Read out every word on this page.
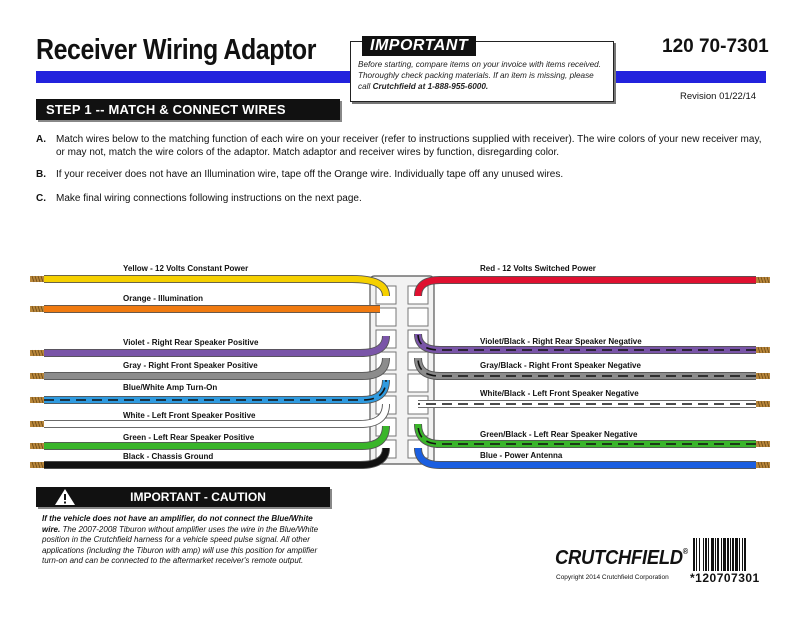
Receiver Wiring Adaptor	120 70-7301
IMPORTANT
Before starting, compare items on your invoice with items received. Thoroughly check packing materials. If an item is missing, please call Crutchfield at 1-888-955-6000.
Revision 01/22/14
STEP 1 -- MATCH & CONNECT WIRES
A. Match wires below to the matching function of each wire on your receiver (refer to instructions supplied with receiver). The wire colors of your new receiver may, or may not, match the wire colors of the adaptor. Match adaptor and receiver wires by function, disregarding color.
B. If your receiver does not have an Illumination wire, tape off the Orange wire. Individually tape off any unused wires.
C. Make final wiring connections following instructions on the next page.
Yellow - 12 Volts Constant Power
Orange - Illumination
Violet - Right Rear Speaker Positive
Gray - Right Front Speaker Positive
Blue/White Amp Turn-On
White - Left Front Speaker Positive
Green - Left Rear Speaker Positive
Black - Chassis Ground
Red - 12 Volts Switched Power
Violet/Black - Right Rear Speaker Negative
Gray/Black - Right Front Speaker Negative
White/Black - Left Front Speaker Negative
Green/Black - Left Rear Speaker Negative
Blue - Power Antenna
IMPORTANT - CAUTION
If the vehicle does not have an amplifier, do not connect the Blue/White wire. The 2007-2008 Tiburon without amplifier uses the wire in the Blue/White position in the Crutchfield harness for a vehicle speed pulse signal. All other applications (including the Tiburon with amp) will use this position for amplifier turn-on and can be connected to the aftermarket receiver's remote output.	CRUTCHFIELD®
Copyright 2014 Crutchfield Corporation *120707301
